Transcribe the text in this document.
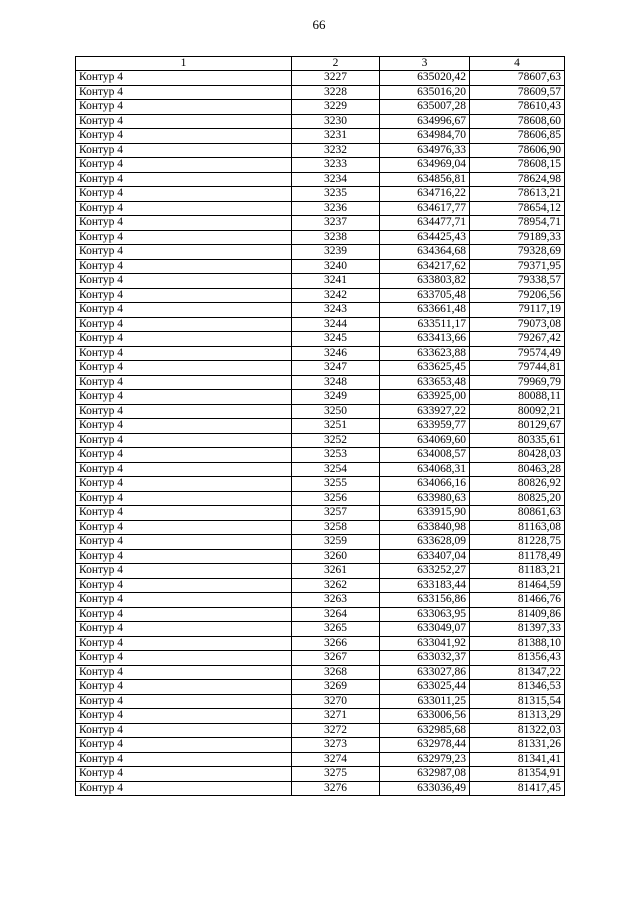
66
1	2	3	4
Контур 4	3227	635020,42	78607,63
Контур 4	3228	635016,20	78609,57
Контур 4	3229	635007,28	78610,43
Контур 4	3230	634996,67	78608,60
Контур 4	3231	634984,70	78606,85
Контур 4	3232	634976,33	78606,90
Контур 4	3233	634969,04	78608,15
Контур 4	3234	634856,81	78624,98
Контур 4	3235	634716,22	78613,21
Контур 4	3236	634617,77	78654,12
Контур 4	3237	634477,71	78954,71
Контур 4	3238	634425,43	79189,33
Контур 4	3239	634364,68	79328,69
Контур 4	3240	634217,62	79371,95
Контур 4	3241	633803,82	79338,57
Контур 4	3242	633705,48	79206,56
Контур 4	3243	633661,48	79117,19
Контур 4	3244	633511,17	79073,08
Контур 4	3245	633413,66	79267,42
Контур 4	3246	633623,88	79574,49
Контур 4	3247	633625,45	79744,81
Контур 4	3248	633653,48	79969,79
Контур 4	3249	633925,00	80088,11
Контур 4	3250	633927,22	80092,21
Контур 4	3251	633959,77	80129,67
Контур 4	3252	634069,60	80335,61
Контур 4	3253	634008,57	80428,03
Контур 4	3254	634068,31	80463,28
Контур 4	3255	634066,16	80826,92
Контур 4	3256	633980,63	80825,20
Контур 4	3257	633915,90	80861,63
Контур 4	3258	633840,98	81163,08
Контур 4	3259	633628,09	81228,75
Контур 4	3260	633407,04	81178,49
Контур 4	3261	633252,27	81183,21
Контур 4	3262	633183,44	81464,59
Контур 4	3263	633156,86	81466,76
Контур 4	3264	633063,95	81409,86
Контур 4	3265	633049,07	81397,33
Контур 4	3266	633041,92	81388,10
Контур 4	3267	633032,37	81356,43
Контур 4	3268	633027,86	81347,22
Контур 4	3269	633025,44	81346,53
Контур 4	3270	633011,25	81315,54
Контур 4	3271	633006,56	81313,29
Контур 4	3272	632985,68	81322,03
Контур 4	3273	632978,44	81331,26
Контур 4	3274	632979,23	81341,41
Контур 4	3275	632987,08	81354,91
Контур 4	3276	633036,49	81417,45
